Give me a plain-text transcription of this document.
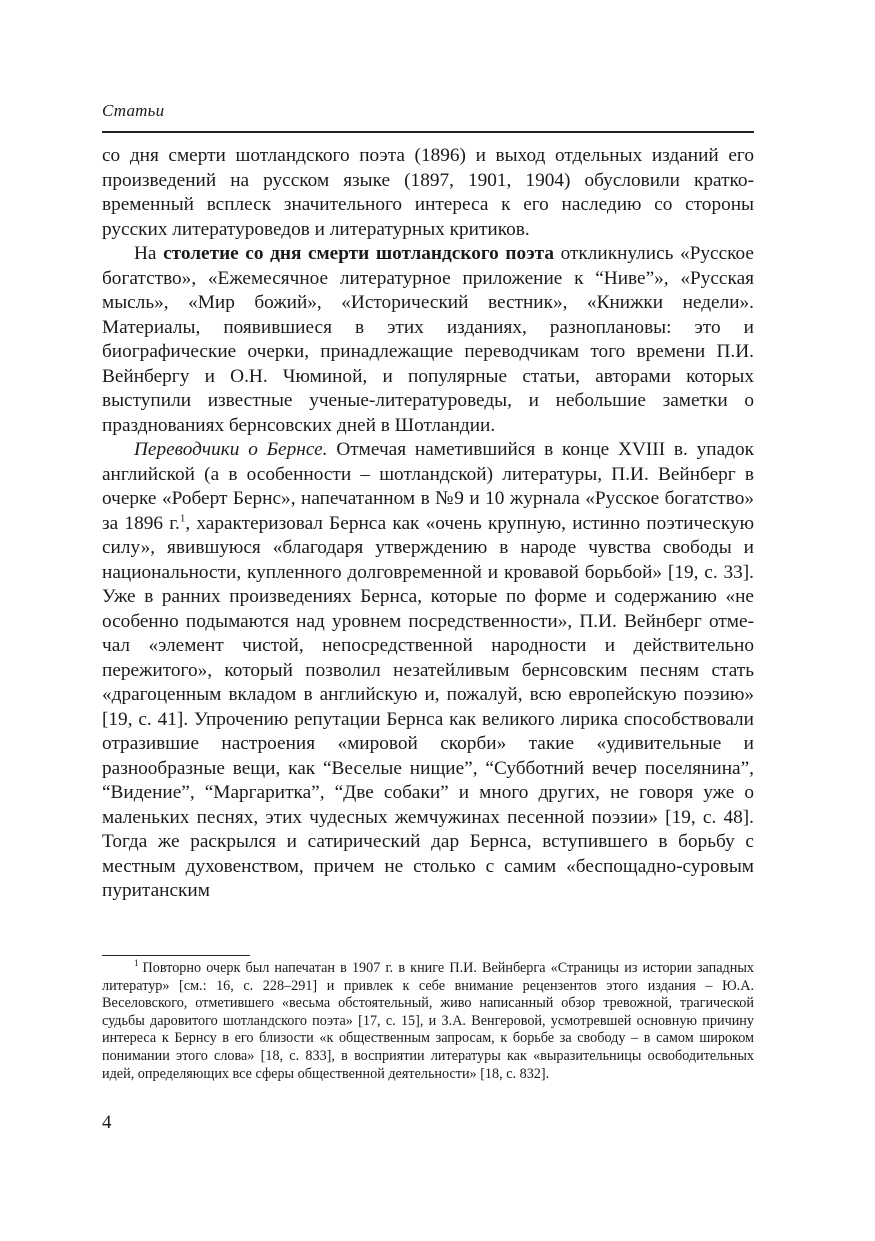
Статьи

со дня смерти шотландского поэта (1896) и выход отдельных изданий его произведений на русском языке (1897, 1901, 1904) обусловили кратковременный всплеск значительного интереса к его наследию со стороны русских литературоведов и литературных критиков.

На столетие со дня смерти шотландского поэта откликнулись «Русское богатство», «Ежемесячное литературное приложение к “Ниве”», «Русская мысль», «Мир божий», «Исторический вестник», «Книжки недели». Материалы, появившиеся в этих изданиях, разноплановы: это и биографические очерки, принадлежащие переводчикам того времени П.И. Вейнбергу и О.Н. Чюминой, и популярные статьи, авторами которых выступили известные ученые-литературоведы, и небольшие заметки о празднованиях бернсовских дней в Шотландии.

Переводчики о Бернсе. Отмечая наметившийся в конце XVIII в. упадок английской (а в особенности – шотландской) литературы, П.И. Вейнберг в очерке «Роберт Бернс», напечатанном в №9 и 10 журнала «Русское богатство» за 1896 г.$^1$, характеризовал Бернса как «очень крупную, истинно поэтическую силу», явившуюся «благодаря утверждению в народе чувства свободы и национальности, купленного долговременной и кровавой борьбой» [19, с. 33]. Уже в ранних произведениях Бернса, которые по форме и содержанию «не особенно подымаются над уровнем посредственности», П.И. Вейнберг отмечал «элемент чистой, непосредственной народности и действительно пережитого», который позволил незатейливым бернсовским песням стать «драгоценным вкладом в английскую и, пожалуй, всю европейскую поэзию» [19, с. 41]. Упрочению репутации Бернса как великого лирика способствовали отразившие настроения «мировой скорби» такие «удивительные и разнообразные вещи, как “Веселые нищие”, “Субботний вечер поселянина”, “Видение”, “Маргаритка”, “Две собаки” и много других, не говоря уже о маленьких песнях, этих чудесных жемчужинах песенной поэзии» [19, с. 48]. Тогда же раскрылся и сатирический дар Бернса, вступившего в борьбу с местным духовенством, причем не столько с самим «беспощадно-суровым пуританским

$^1$ Повторно очерк был напечатан в 1907 г. в книге П.И. Вейнберга «Страницы из истории западных литератур» [см.: 16, с. 228–291] и привлек к себе внимание рецензентов этого издания – Ю.А. Веселовского, отметившего «весьма обстоятельный, живо написанный обзор тревожной, трагической судьбы даровитого шотландского поэта» [17, с. 15], и З.А. Венгеровой, усмотревшей основную причину интереса к Бернсу в его близости «к общественным запросам, к борьбе за свободу – в самом широком понимании этого слова» [18, с. 833], в восприятии литературы как «выразительницы освободительных идей, определяющих все сферы общественной деятельности» [18, с. 832].

4
